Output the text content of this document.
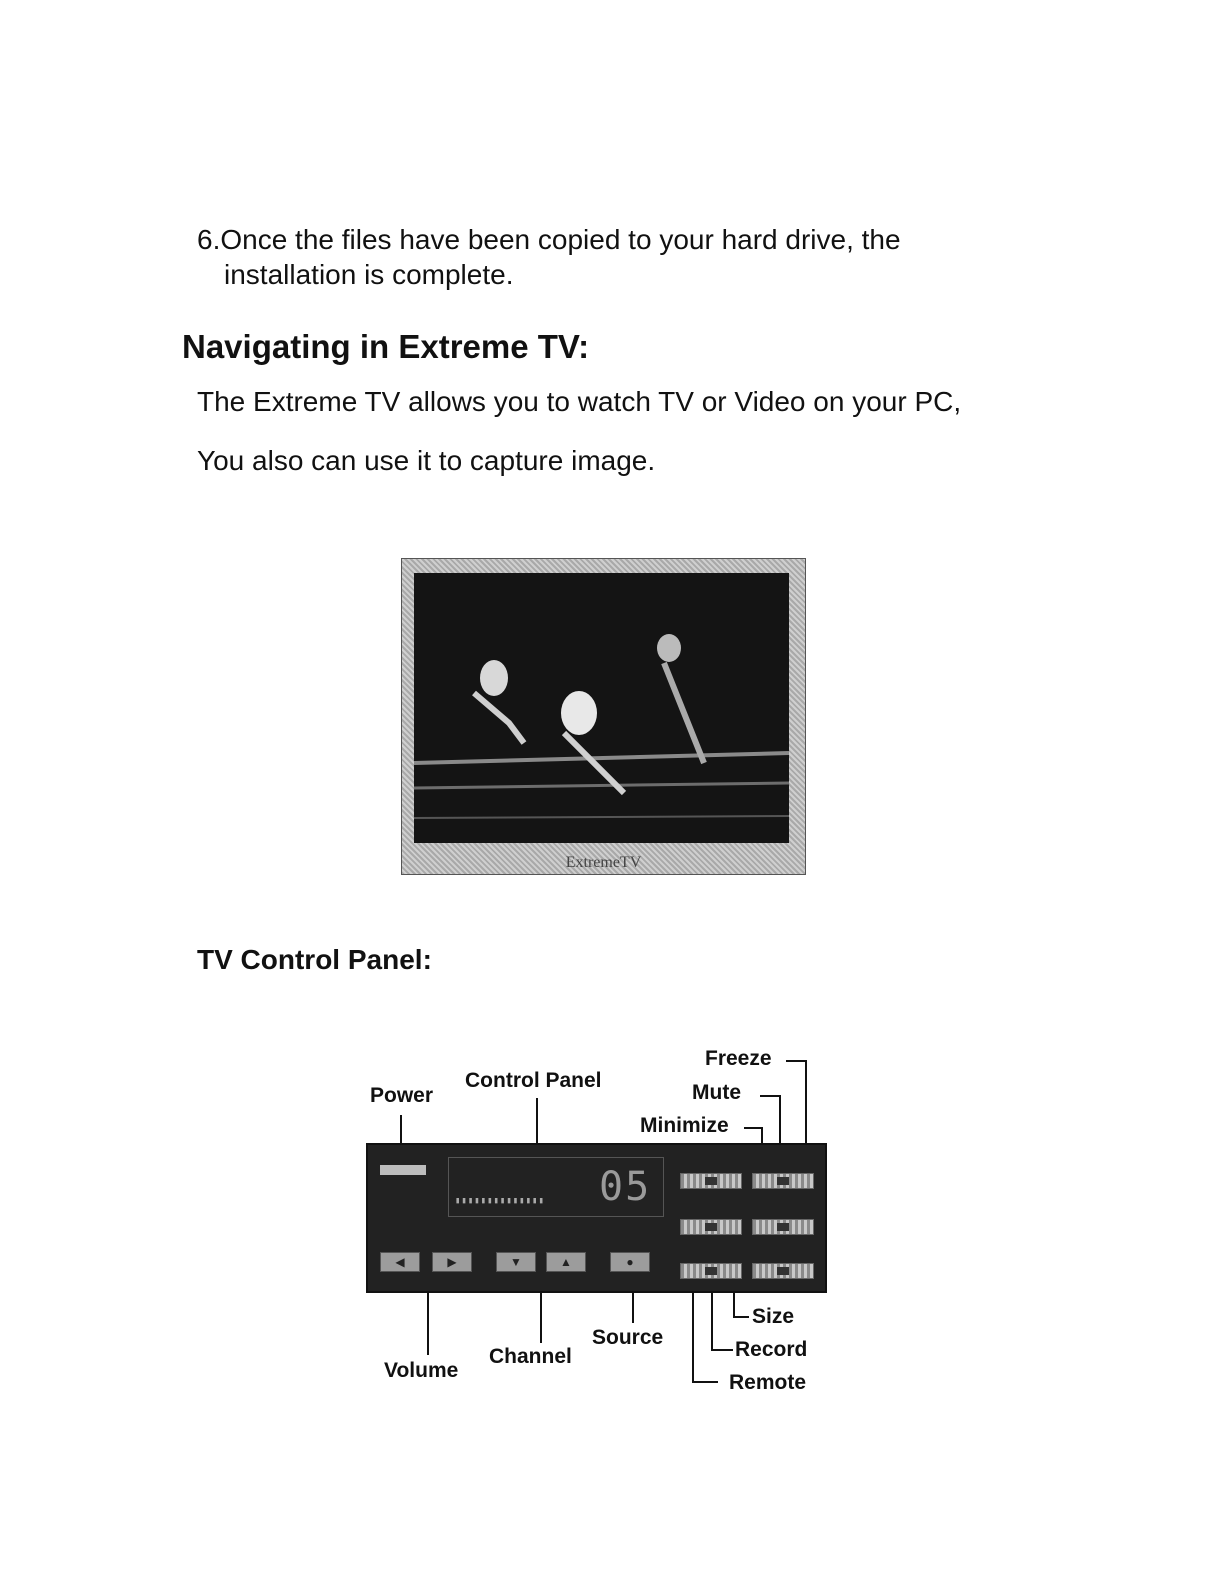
6.Once the files have been copied to your hard drive, the
installation is complete.
Navigating in Extreme TV:
The Extreme TV allows you to watch TV or Video on your PC,
You also can use it to capture image.
ExtremeTV
TV Control Panel:
▮▮▮▮▮▮▮▮▮▮▮▮▮▮ 05
◀	▶	▼	▲	●
Power
Control Panel
Freeze
Mute
Minimize
Volume
Channel
Source
Size
Record
Remote
